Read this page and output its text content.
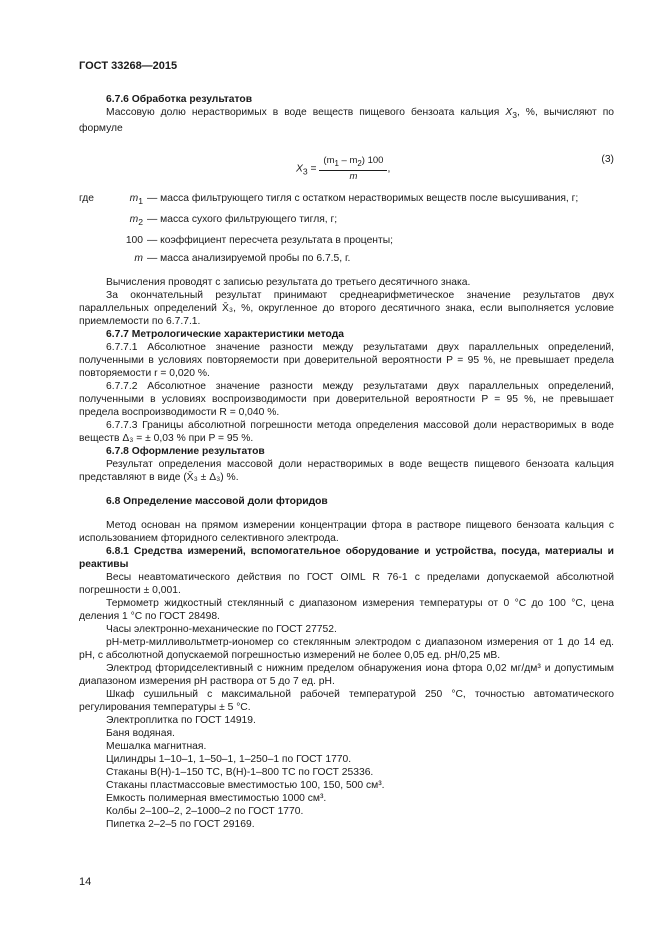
ГОСТ 33268—2015

6.7.6 Обработка результатов

Массовую долю нерастворимых в воде веществ пищевого бензоата кальция $X_3$, %, вычисляют по формуле

$X_3 = \frac{(m_1 - m_2) 100}{m}$ ,
(3)
где	$m_1$ — масса фильтрующего тигля с остатком нерастворимых веществ после высушивания, г;
$m_2$ — масса сухого фильтрующего тигля, г;
100 — коэффициент пересчета результата в проценты;
m — масса анализируемой пробы по 6.7.5, г.

Вычисления проводят с записью результата до третьего десятичного знака.

За окончательный результат принимают среднеарифметическое значение результатов двух параллельных определений X̄₃, %, округленное до второго десятичного знака, если выполняется условие приемлемости по 6.7.7.1.

6.7.7 Метрологические характеристики метода

6.7.7.1 Абсолютное значение разности между результатами двух параллельных определений, полученными в условиях повторяемости при доверительной вероятности P = 95 %, не превышает предела повторяемости r = 0,020 %.

6.7.7.2 Абсолютное значение разности между результатами двух параллельных определений, полученными в условиях воспроизводимости при доверительной вероятности P = 95 %, не превышает предела воспроизводимости R = 0,040 %.

6.7.7.3 Границы абсолютной погрешности метода определения массовой доли нерастворимых в воде веществ Δ₃ = ± 0,03 % при P = 95 %.

6.7.8 Оформление результатов

Результат определения массовой доли нерастворимых в воде веществ пищевого бензоата кальция представляют в виде (X̄₃ ± Δ₃) %.

6.8 Определение массовой доли фторидов

Метод основан на прямом измерении концентрации фтора в растворе пищевого бензоата кальция с использованием фторидного селективного электрода.

6.8.1 Средства измерений, вспомогательное оборудование и устройства, посуда, материалы и реактивы

Весы неавтоматического действия по ГОСТ OIML R 76-1 с пределами допускаемой абсолютной погрешности ± 0,001.

Термометр жидкостный стеклянный с диапазоном измерения температуры от 0 °С до 100 °С, цена деления 1 °С по ГОСТ 28498.

Часы электронно-механические по ГОСТ 27752.

pH-метр-милливольтметр-иономер со стеклянным электродом с диапазоном измерения от 1 до 14 ед. pH, с абсолютной допускаемой погрешностью измерений не более 0,05 ед. pH/0,25 мВ.

Электрод фторидселективный с нижним пределом обнаружения иона фтора 0,02 мг/дм³ и допустимым диапазоном измерения pH раствора от 5 до 7 ед. pH.

Шкаф сушильный с максимальной рабочей температурой 250 °С, точностью автоматического регулирования температуры ± 5 °С.

Электроплитка по ГОСТ 14919.

Баня водяная.

Мешалка магнитная.

Цилиндры 1–10–1, 1–50–1, 1–250–1 по ГОСТ 1770.

Стаканы В(Н)-1–150 ТС, В(Н)-1–800 ТС по ГОСТ 25336.

Стаканы пластмассовые вместимостью 100, 150, 500 см³.

Емкость полимерная вместимостью 1000 см³.

Колбы 2–100–2, 2–1000–2 по ГОСТ 1770.

Пипетка 2–2–5 по ГОСТ 29169.

14
